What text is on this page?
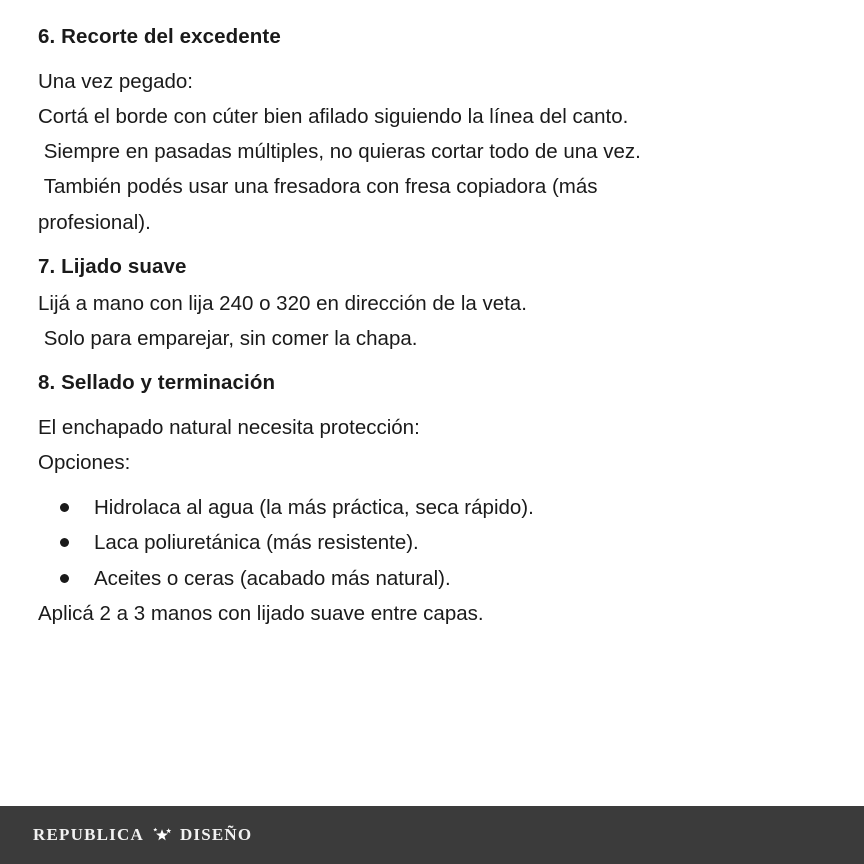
6. Recorte del excedente
Una vez pegado:
Cortá el borde con cúter bien afilado siguiendo la línea del canto.
Siempre en pasadas múltiples, no quieras cortar todo de una vez.
También podés usar una fresadora con fresa copiadora (más
profesional).
7. Lijado suave
Lijá a mano con lija 240 o 320 en dirección de la veta.
Solo para emparejar, sin comer la chapa.
8. Sellado y terminación
El enchapado natural necesita protección:
Opciones:
Hidrolaca al agua (la más práctica, seca rápido).
Laca poliuretánica (más resistente).
Aceites o ceras (acabado más natural).
Aplicá 2 a 3 manos con lijado suave entre capas.
REPUBLICA DISEÑO
